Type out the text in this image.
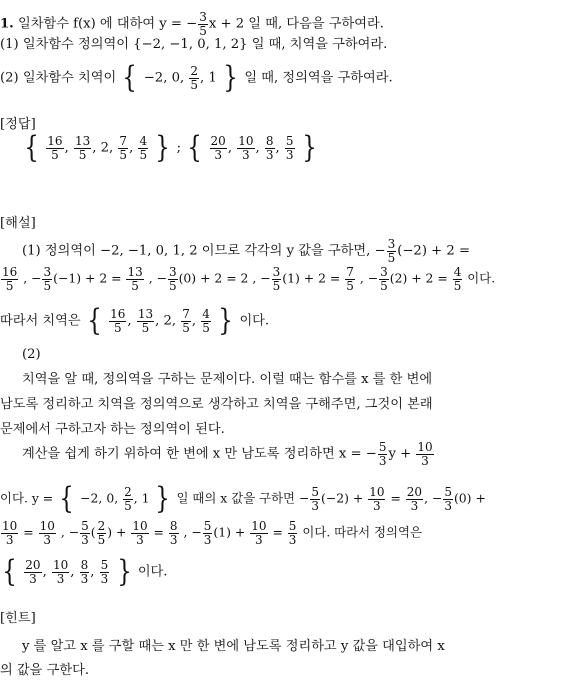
1. 일차함수 f(x) 에 대하여 y = − $\frac{3}{5}$ x + 2 일 때, 다음을 구하여라.
(1) 일차함수 정의역이 {−2, −1, 0, 1, 2} 일 때, 치역을 구하여라.
(2) 일차함수 치역이 { −2, 0, $\frac{2}{5}$ , 1 } 일 때, 정의역을 구하여라.
[정답]
{ $\frac{16}{5}$ , $\frac{13}{5}$ , 2, $\frac{7}{5}$ , $\frac{4}{5}$ } ; { $\frac{20}{3}$ , $\frac{10}{3}$ , $\frac{8}{3}$ , $\frac{5}{3}$ }
[해설]
(1) 정의역이 −2, −1, 0, 1, 2 이므로 각각의 y 값을 구하면, − $\frac{3}{5} (-2) + 2$ =
$\frac{16}{5}$ , − $\frac{3}{5} (-1) + 2 = \frac{13}{5}$ , − $\frac{3}{5} (0) + 2 = 2$ , − $\frac{3}{5} (1) + 2 = \frac{7}{5}$ , − $\frac{3}{5} (2) + 2 = \frac{4}{5}$ 이다.
따라서 치역은 { $\frac{16}{5}$ , $\frac{13}{5}$ , 2, $\frac{7}{5}$ , $\frac{4}{5}$ } 이다.
(2)
치역을 알 때, 정의역을 구하는 문제이다. 이럴 때는 함수를 x 를 한 변에
남도록 정리하고 치역을 정의역으로 생각하고 치역을 구해주면, 그것이 본래
문제에서 구하고자 하는 정의역이 된다.
계산을 쉽게 하기 위하여 한 변에 x 만 남도록 정리하면 x = − $\frac{5}{3}$ $y + \frac{10}{3}$
이다. y = { −2, 0, $\frac{2}{5}$ , 1 } 일 때의 x 값을 구하면 − $\frac{5}{3} (-2) + \frac{10}{3} = \frac{20}{3}$ , − $\frac{5}{3} (0)$ +
$\frac{10}{3} = \frac{10}{3}$ , − $\frac{5}{3}$ ( $\frac{2}{5}$ ) + $\frac{10}{3} = \frac{8}{3}$ , − $\frac{5}{3} (1) + \frac{10}{3} = \frac{5}{3}$ 이다. 따라서 정의역은
{ $\frac{20}{3}$ , $\frac{10}{3}$ , $\frac{8}{3}$ , $\frac{5}{3}$ } 이다.
[힌트]
y 를 알고 x 를 구할 때는 x 만 한 변에 남도록 정리하고 y 값을 대입하여 x
의 값을 구한다.
